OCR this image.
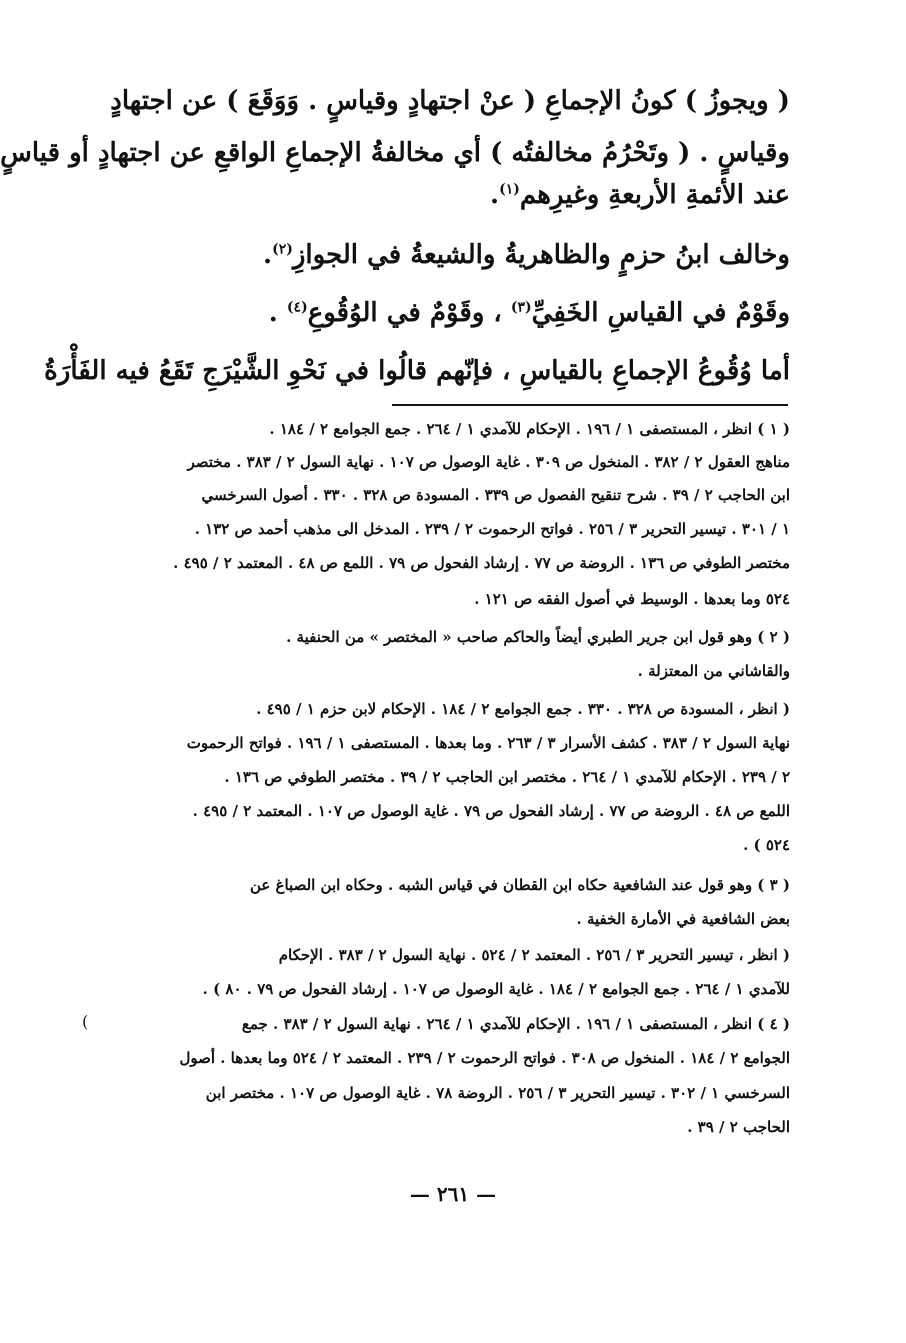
( ويجوزُ ) كونُ الإجماعِ ( عنْ اجتهادٍ وقياسٍ . وَوَقَعَ ) عن اجتهادٍ
وقياسٍ . ( وتَحْرُمُ مخالفتُه ) أي مخالفةُ الإجماعِ الواقعِ عن اجتهادٍ أو قياسٍ
عند الأئمةِ الأربعةِ وغيرِهم$^{(١)}$.
وخالف ابنُ حزمٍ والظاهريةُ والشيعةُ في الجوازِ$^{(٢)}$.
وقَوْمٌ في القياسِ الخَفِيِّ$^{(٣)}$ ، وقَوْمٌ في الوُقُوعِ$^{(٤)}$ .
أما وُقُوعُ الإجماعِ بالقياسِ ، فإنّهم قالُوا في نَحْوِ الشَّيْرَجِ تَقَعُ فيه الفَأْرَةُ
( ١ ) انظر ، المستصفى ١ / ١٩٦ . الإحكام للآمدي ١ / ٢٦٤ . جمع الجوامع ٢ / ١٨٤ .
مناهج العقول ٢ / ٣٨٢ . المنخول ص ٣٠٩ . غاية الوصول ص ١٠٧ . نهاية السول ٢ / ٣٨٣ . مختصر
ابن الحاجب ٢ / ٣٩ . شرح تنقيح الفصول ص ٣٣٩ . المسودة ص ٣٢٨ . ٣٣٠ . أصول السرخسي
١ / ٣٠١ . تيسير التحرير ٣ / ٢٥٦ . فواتح الرحموت ٢ / ٢٣٩ . المدخل الى مذهب أحمد ص ١٣٢ .
مختصر الطوفي ص ١٣٦ . الروضة ص ٧٧ . إرشاد الفحول ص ٧٩ . اللمع ص ٤٨ . المعتمد ٢ / ٤٩٥ .
٥٢٤ وما بعدها . الوسيط في أصول الفقه ص ١٢١ .
( ٢ ) وهو قول ابن جرير الطبري أيضاً والحاكم صاحب « المختصر » من الحنفية .
والقاشاني من المعتزلة .
( انظر ، المسودة ص ٣٢٨ . ٣٣٠ . جمع الجوامع ٢ / ١٨٤ . الإحكام لابن حزم ١ / ٤٩٥ .
نهاية السول ٢ / ٣٨٣ . كشف الأسرار ٣ / ٢٦٣ . وما بعدها . المستصفى ١ / ١٩٦ . فواتح الرحموت
٢ / ٢٣٩ . الإحكام للآمدي ١ / ٢٦٤ . مختصر ابن الحاجب ٢ / ٣٩ . مختصر الطوفي ص ١٣٦ .
اللمع ص ٤٨ . الروضة ص ٧٧ . إرشاد الفحول ص ٧٩ . غاية الوصول ص ١٠٧ . المعتمد ٢ / ٤٩٥ .
٥٢٤ ) .
( ٣ ) وهو قول عند الشافعية حكاه ابن القطان في قياس الشبه . وحكاه ابن الصباغ عن
بعض الشافعية في الأمارة الخفية .
( انظر ، تيسير التحرير ٣ / ٢٥٦ . المعتمد ٢ / ٥٢٤ . نهاية السول ٢ / ٣٨٣ . الإحكام
للآمدي ١ / ٢٦٤ . جمع الجوامع ٢ / ١٨٤ . غاية الوصول ص ١٠٧ . إرشاد الفحول ص ٧٩ . ٨٠ ) .
( ٤ ) انظر ، المستصفى ١ / ١٩٦ . الإحكام للآمدي ١ / ٢٦٤ . نهاية السول ٢ / ٣٨٣ . جمع
الجوامع ٢ / ١٨٤ . المنخول ص ٣٠٨ . فواتح الرحموت ٢ / ٢٣٩ . المعتمد ٢ / ٥٢٤ وما بعدها . أصول
السرخسي ١ / ٣٠٢ . تيسير التحرير ٣ / ٢٥٦ . الروضة ٧٨ . غاية الوصول ص ١٠٧ . مختصر ابن
الحاجب ٢ / ٣٩ .
(
— ٢٦١ —
